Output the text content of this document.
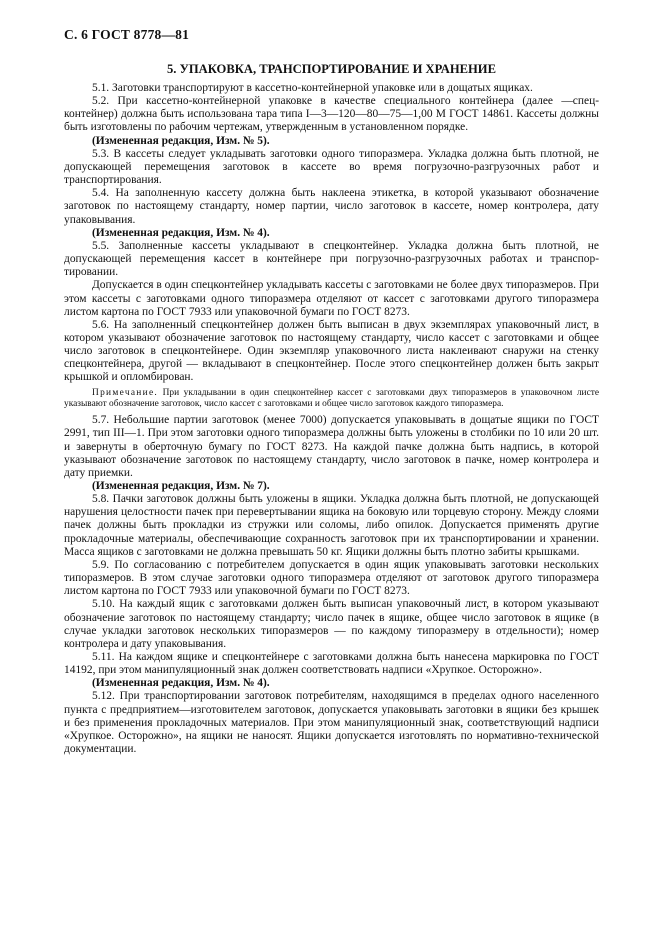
С. 6 ГОСТ 8778—81
5. УПАКОВКА, ТРАНСПОРТИРОВАНИЕ И ХРАНЕНИЕ

5.1. Заготовки транспортируют в кассетно-контейнерной упаковке или в дощатых ящиках.

5.2. При кассетно-контейнерной упаковке в качестве специального контейнера (далее —спецконтейнер) должна быть использована тара типа I—3—120—80—75—1,00 М ГОСТ 14861. Кассеты должны быть изготовлены по рабочим чертежам, утвержденным в установленном порядке.

(Измененная редакция, Изм. № 5).

5.3. В кассеты следует укладывать заготовки одного типоразмера. Укладка должна быть плотной, не допускающей перемещения заготовок в кассете во время погрузочно-разгрузочных работ и транспортирования.

5.4. На заполненную кассету должна быть наклеена этикетка, в которой указывают обозначение заготовок по настоящему стандарту, номер партии, число заготовок в кассете, номер контролера, дату упаковывания.

(Измененная редакция, Изм. № 4).

5.5. Заполненные кассеты укладывают в спецконтейнер. Укладка должна быть плотной, не допускающей перемещения кассет в контейнере при погрузочно-разгрузочных работах и транспортировании.

Допускается в один спецконтейнер укладывать кассеты с заготовками не более двух типоразмеров. При этом кассеты с заготовками одного типоразмера отделяют от кассет с заготовками другого типоразмера листом картона по ГОСТ 7933 или упаковочной бумаги по ГОСТ 8273.

5.6. На заполненный спецконтейнер должен быть выписан в двух экземплярах упаковочный лист, в котором указывают обозначение заготовок по настоящему стандарту, число кассет с заготовками и общее число заготовок в спецконтейнере. Один экземпляр упаковочного листа наклеивают снаружи на стенку спецконтейнера, другой — вкладывают в спецконтейнер. После этого спецконтейнер должен быть закрыт крышкой и опломбирован.

Примечание. При укладывании в один спецконтейнер кассет с заготовками двух типоразмеров в упаковочном листе указывают обозначение заготовок, число кассет с заготовками и общее число заготовок каждого типоразмера.

5.7. Небольшие партии заготовок (менее 7000) допускается упаковывать в дощатые ящики по ГОСТ 2991, тип III—1. При этом заготовки одного типоразмера должны быть уложены в столбики по 10 или 20 шт. и завернуты в оберточную бумагу по ГОСТ 8273. На каждой пачке должна быть надпись, в которой указывают обозначение заготовок по настоящему стандарту, число заготовок в пачке, номер контролера и дату приемки.

(Измененная редакция, Изм. № 7).

5.8. Пачки заготовок должны быть уложены в ящики. Укладка должна быть плотной, не допускающей нарушения целостности пачек при перевертывании ящика на боковую или торцевую сторону. Между слоями пачек должны быть прокладки из стружки или соломы, либо опилок. Допускается применять другие прокладочные материалы, обеспечивающие сохранность заготовок при их транспортировании и хранении. Масса ящиков с заготовками не должна превышать 50 кг. Ящики должны быть плотно забиты крышками.

5.9. По согласованию с потребителем допускается в один ящик упаковывать заготовки нескольких типоразмеров. В этом случае заготовки одного типоразмера отделяют от заготовок другого типоразмера листом картона по ГОСТ 7933 или упаковочной бумаги по ГОСТ 8273.

5.10. На каждый ящик с заготовками должен быть выписан упаковочный лист, в котором указывают обозначение заготовок по настоящему стандарту; число пачек в ящике, общее число заготовок в ящике (в случае укладки заготовок нескольких типоразмеров — по каждому типоразмеру в отдельности); номер контролера и дату упаковывания.

5.11. На каждом ящике и спецконтейнере с заготовками должна быть нанесена маркировка по ГОСТ 14192, при этом манипуляционный знак должен соответствовать надписи «Хрупкое. Осторожно».

(Измененная редакция, Изм. № 4).

5.12. При транспортировании заготовок потребителям, находящимся в пределах одного населенного пункта с предприятием—изготовителем заготовок, допускается упаковывать заготовки в ящики без крышек и без применения прокладочных материалов. При этом манипуляционный знак, соответствующий надписи «Хрупкое. Осторожно», на ящики не наносят. Ящики допускается изготовлять по нормативно-технической документации.
